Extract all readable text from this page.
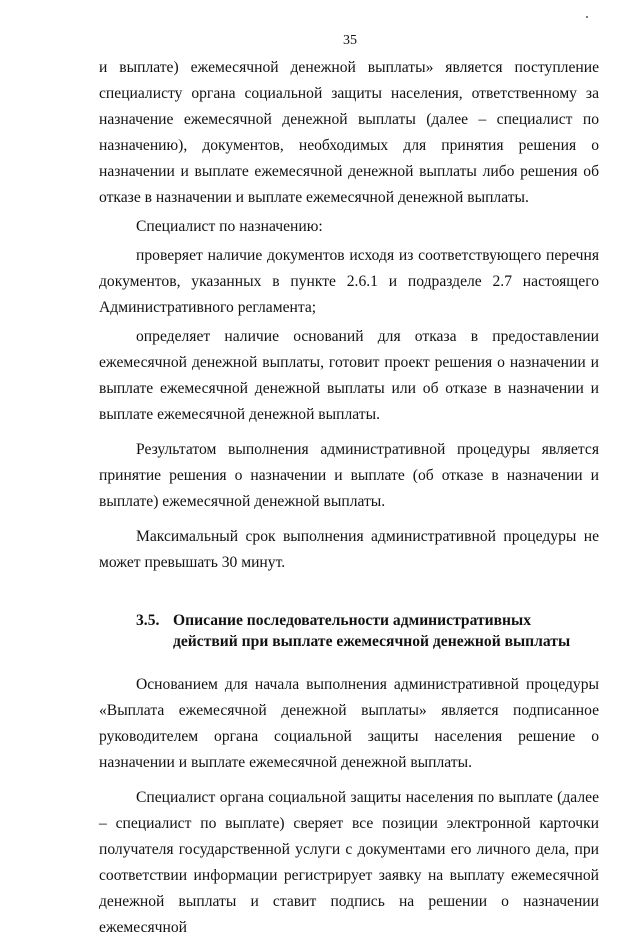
35

и выплате) ежемесячной денежной выплаты» является поступление специалисту органа социальной защиты населения, ответственному за назначение ежемесячной денежной выплаты (далее – специалист по назначению), документов, необходимых для принятия решения о назначении и выплате ежемесячной денежной выплаты либо решения об отказе в назначении и выплате ежемесячной денежной выплаты.

Специалист по назначению:

проверяет наличие документов исходя из соответствующего перечня документов, указанных в пункте 2.6.1 и подразделе 2.7 настоящего Административного регламента;

определяет наличие оснований для отказа в предоставлении ежемесячной денежной выплаты, готовит проект решения о назначении и выплате ежемесячной денежной выплаты или об отказе в назначении и выплате ежемесячной денежной выплаты.

Результатом выполнения административной процедуры является принятие решения о назначении и выплате (об отказе в назначении и выплате) ежемесячной денежной выплаты.

Максимальный срок выполнения административной процедуры не может превышать 30 минут.

3.5. Описание последовательности административных действий при выплате ежемесячной денежной выплаты

Основанием для начала выполнения административной процедуры «Выплата ежемесячной денежной выплаты» является подписанное руководителем органа социальной защиты населения решение о назначении и выплате ежемесячной денежной выплаты.

Специалист органа социальной защиты населения по выплате (далее – специалист по выплате) сверяет все позиции электронной карточки получателя государственной услуги с документами его личного дела, при соответствии информации регистрирует заявку на выплату ежемесячной денежной выплаты и ставит подпись на решении о назначении ежемесячной
